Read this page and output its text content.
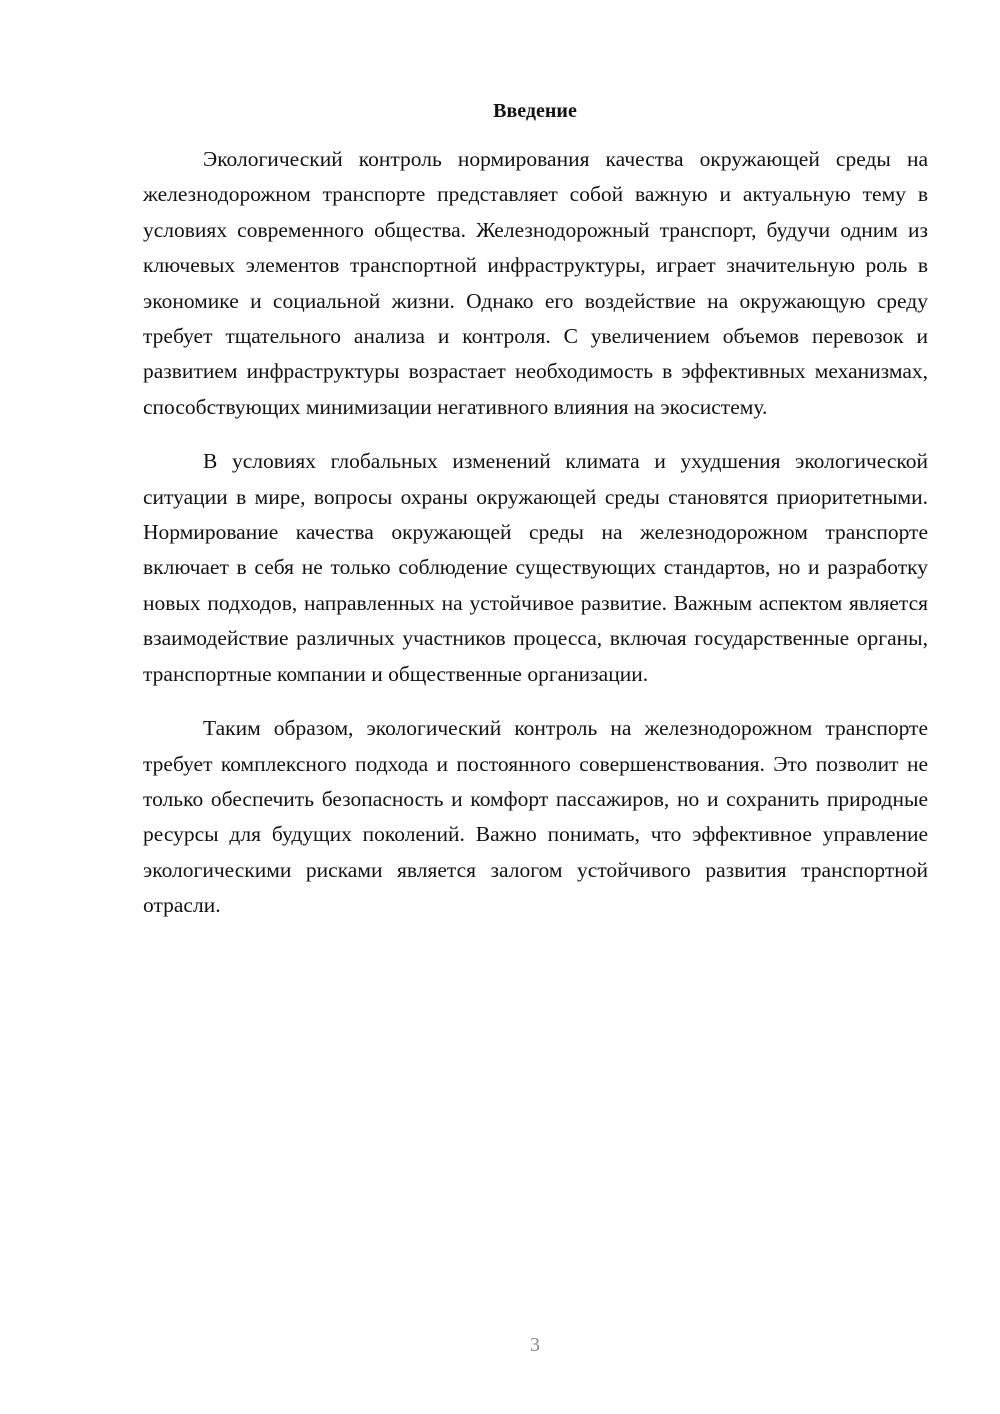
Введение

Экологический контроль нормирования качества окружающей среды на железнодорожном транспорте представляет собой важную и актуальную тему в условиях современного общества. Железнодорожный транспорт, будучи одним из ключевых элементов транспортной инфраструктуры, играет значительную роль в экономике и социальной жизни. Однако его воздействие на окружающую среду требует тщательного анализа и контроля. С увеличением объемов перевозок и развитием инфраструктуры возрастает необходимость в эффективных механизмах, способствующих минимизации негативного влияния на экосистему.

В условиях глобальных изменений климата и ухудшения экологической ситуации в мире, вопросы охраны окружающей среды становятся приоритетными. Нормирование качества окружающей среды на железнодорожном транспорте включает в себя не только соблюдение существующих стандартов, но и разработку новых подходов, направленных на устойчивое развитие. Важным аспектом является взаимодействие различных участников процесса, включая государственные органы, транспортные компании и общественные организации.

Таким образом, экологический контроль на железнодорожном транспорте требует комплексного подхода и постоянного совершенствования. Это позволит не только обеспечить безопасность и комфорт пассажиров, но и сохранить природные ресурсы для будущих поколений. Важно понимать, что эффективное управление экологическими рисками является залогом устойчивого развития транспортной отрасли.

3
